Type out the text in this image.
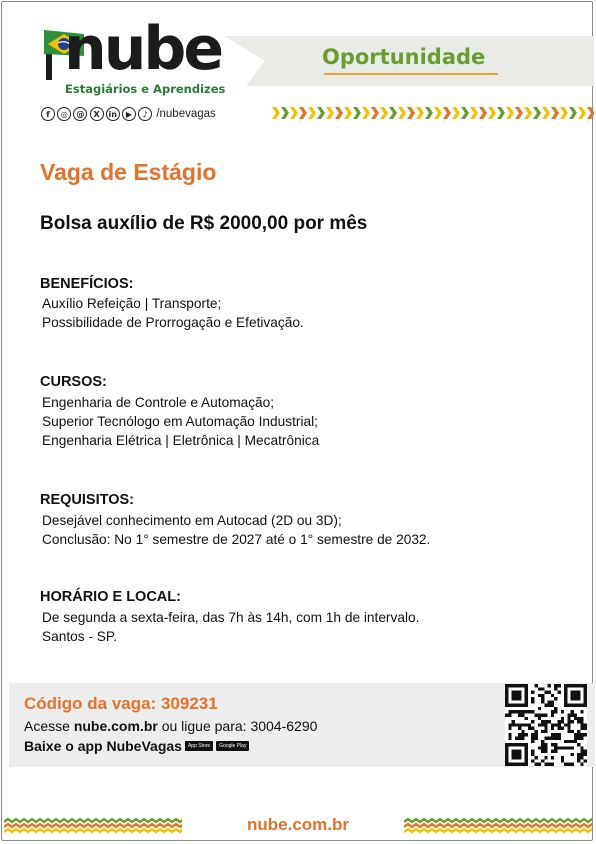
nube
Estagiários e Aprendizes
Oportunidade
f	◎	@	X	in	▶	♪ /nubevagas
Vaga de Estágio
Bolsa auxílio de R$ 2000,00 por mês
BENEFÍCIOS:
Auxílio Refeição | Transporte;
Possibilidade de Prorrogação e Efetivação.
CURSOS:
Engenharia de Controle e Automação;
Superior Tecnólogo em Automação Industrial;
Engenharia Elétrica | Eletrônica | Mecatrônica
REQUISITOS:
Desejável conhecimento em Autocad (2D ou 3D);
Conclusão: No 1° semestre de 2027 até o 1° semestre de 2032.
HORÁRIO E LOCAL:
De segunda a sexta-feira, das 7h às 14h, com 1h de intervalo.
Santos - SP.
Código da vaga: 309231
Acesse nube.com.br ou ligue para: 3004-6290
Baixe o app NubeVagas	App Store	Google Play
nube.com.br
